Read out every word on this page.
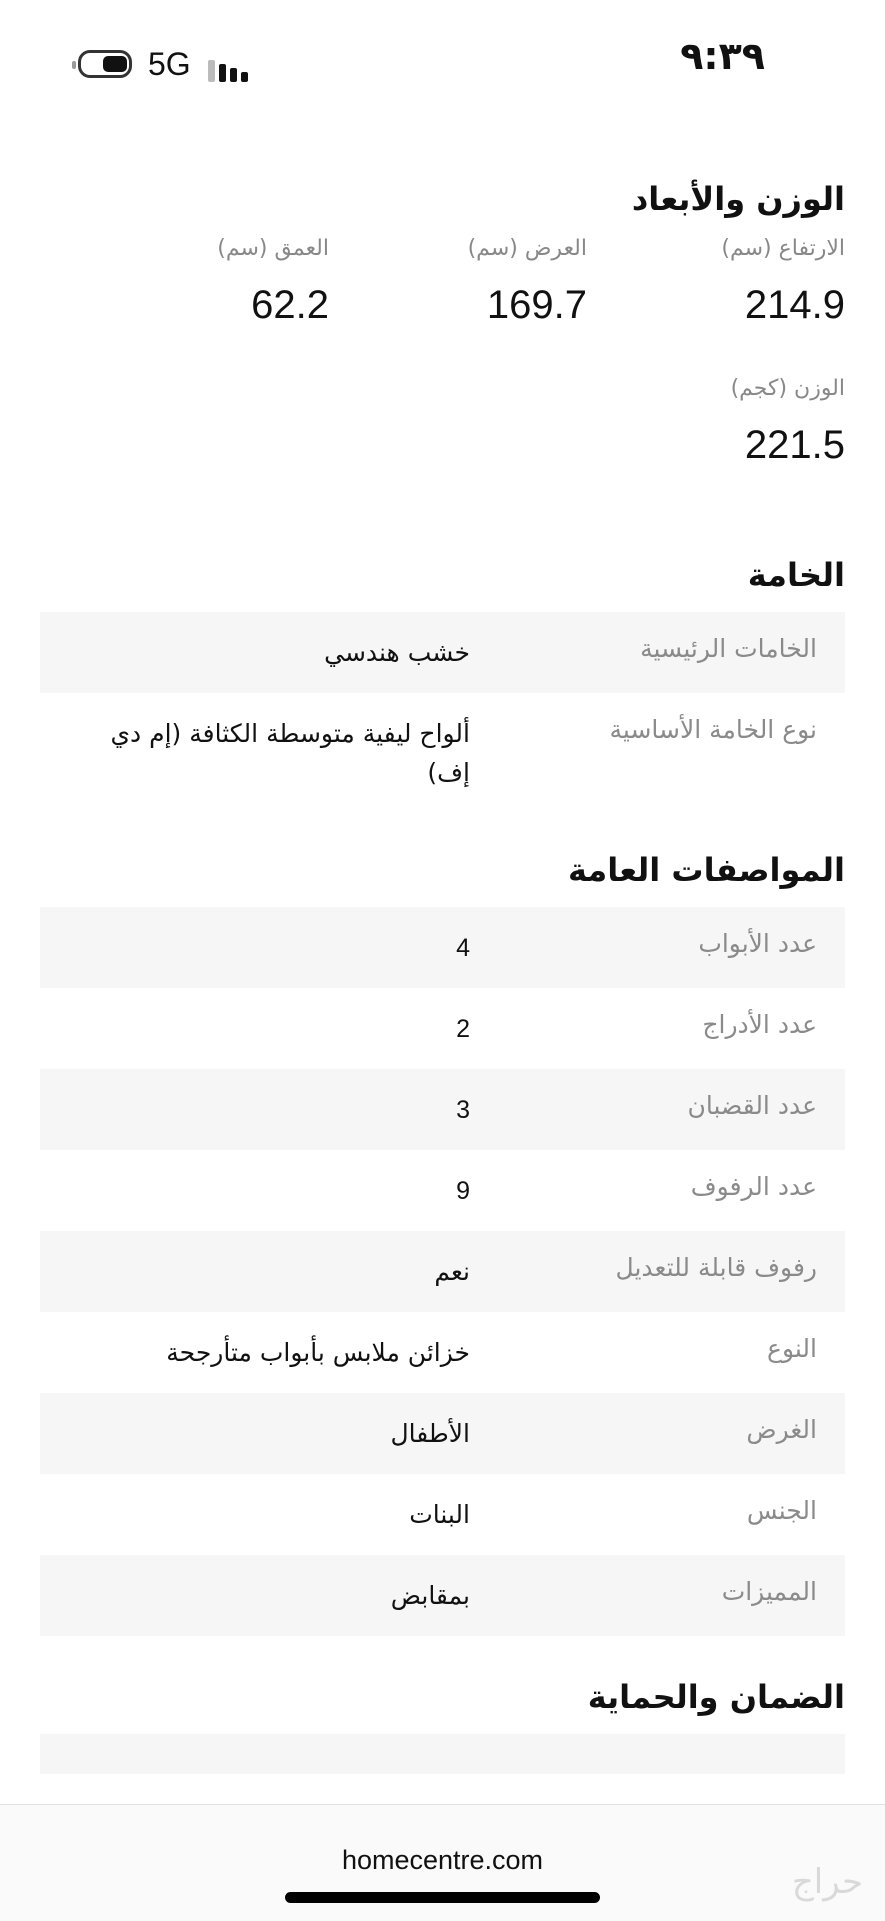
5G	٩:٣٩
الوزن والأبعاد
الارتفاع (سم)
214.9
العرض (سم)
169.7
العمق (سم)
62.2
الوزن (كجم)
221.5
الخامة
الخامات الرئيسية
خشب هندسي
نوع الخامة الأساسية
ألواح ليفية متوسطة الكثافة (إم دي إف)
المواصفات العامة
عدد الأبواب
4
عدد الأدراج
2
عدد القضبان
3
عدد الرفوف
9
رفوف قابلة للتعديل
نعم
النوع
خزائن ملابس بأبواب متأرجحة
الغرض
الأطفال
الجنس
البنات
المميزات
بمقابض
الضمان والحماية
homecentre.com
حراج
